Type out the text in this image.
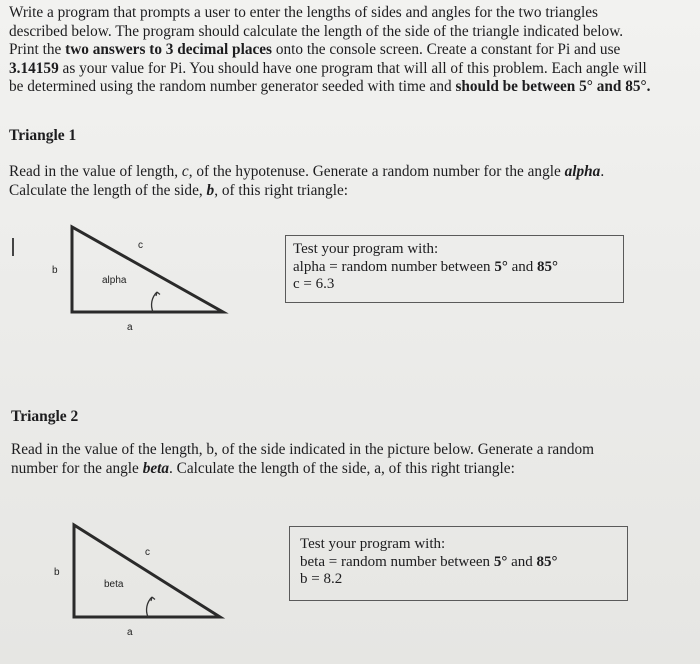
Write a program that prompts a user to enter the lengths of sides and angles for the two triangles

described below. The program should calculate the length of the side of the triangle indicated below.

Print the two answers to 3 decimal places onto the console screen. Create a constant for Pi and use

3.14159 as your value for Pi. You should have one program that will all of this problem. Each angle will

be determined using the random number generator seeded with time and should be between 5° and 85°.

Triangle 1

Read in the value of length, c, of the hypotenuse. Generate a random number for the angle alpha.

Calculate the length of the side, b, of this right triangle:

c
b
alpha
a
Test your program with:
alpha = random number between 5° and 85°
c = 6.3
Triangle 2

Read in the value of the length, b, of the side indicated in the picture below. Generate a random

number for the angle beta. Calculate the length of the side, a, of this right triangle:

c
b
beta
a
Test your program with:
beta = random number between 5° and 85°
b = 8.2
